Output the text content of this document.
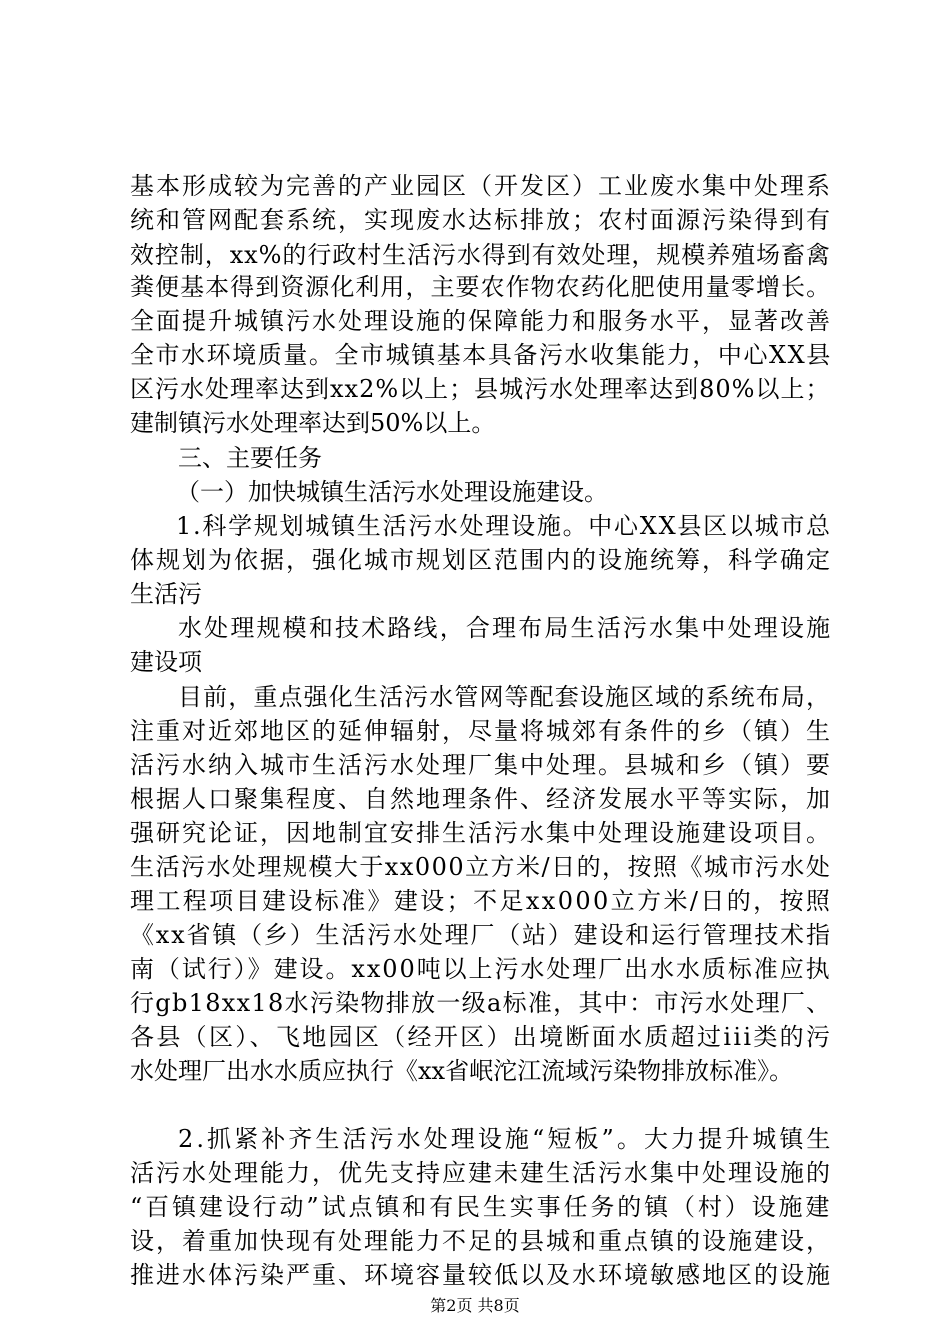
基本形成较为完善的产业园区（开发区）工业废水集中处理系

统和管网配套系统，实现废水达标排放；农村面源污染得到有

效控制，xx%的行政村生活污水得到有效处理，规模养殖场畜禽

粪便基本得到资源化利用，主要农作物农药化肥使用量零增长。

全面提升城镇污水处理设施的保障能力和服务水平，显著改善

全市水环境质量。全市城镇基本具备污水收集能力，中心XX县

区污水处理率达到xx2%以上；县城污水处理率达到80%以上；

建制镇污水处理率达到50%以上。

三、主要任务

（一）加快城镇生活污水处理设施建设。

1.科学规划城镇生活污水处理设施。中心XX县区以城市总

体规划为依据，强化城市规划区范围内的设施统筹，科学确定

生活污

水处理规模和技术路线，合理布局生活污水集中处理设施

建设项

目前，重点强化生活污水管网等配套设施区域的系统布局，

注重对近郊地区的延伸辐射，尽量将城郊有条件的乡（镇）生

活污水纳入城市生活污水处理厂集中处理。县城和乡（镇）要

根据人口聚集程度、自然地理条件、经济发展水平等实际，加

强研究论证，因地制宜安排生活污水集中处理设施建设项目。

生活污水处理规模大于xx000立方米/日的，按照《城市污水处

理工程项目建设标准》建设；不足xx000立方米/日的，按照

《xx省镇（乡）生活污水处理厂（站）建设和运行管理技术指

南（试行）》建设。xx00吨以上污水处理厂出水水质标准应执

行gb18xx18水污染物排放一级a标准，其中：市污水处理厂、

各县（区）、飞地园区（经开区）出境断面水质超过iii类的污

水处理厂出水水质应执行《xx省岷沱江流域污染物排放标准》。

2.抓紧补齐生活污水处理设施“短板”。大力提升城镇生

活污水处理能力，优先支持应建未建生活污水集中处理设施的

“百镇建设行动”试点镇和有民生实事任务的镇（村）设施建

设，着重加快现有处理能力不足的县城和重点镇的设施建设，

推进水体污染严重、环境容量较低以及水环境敏感地区的设施

第2页 共8页
